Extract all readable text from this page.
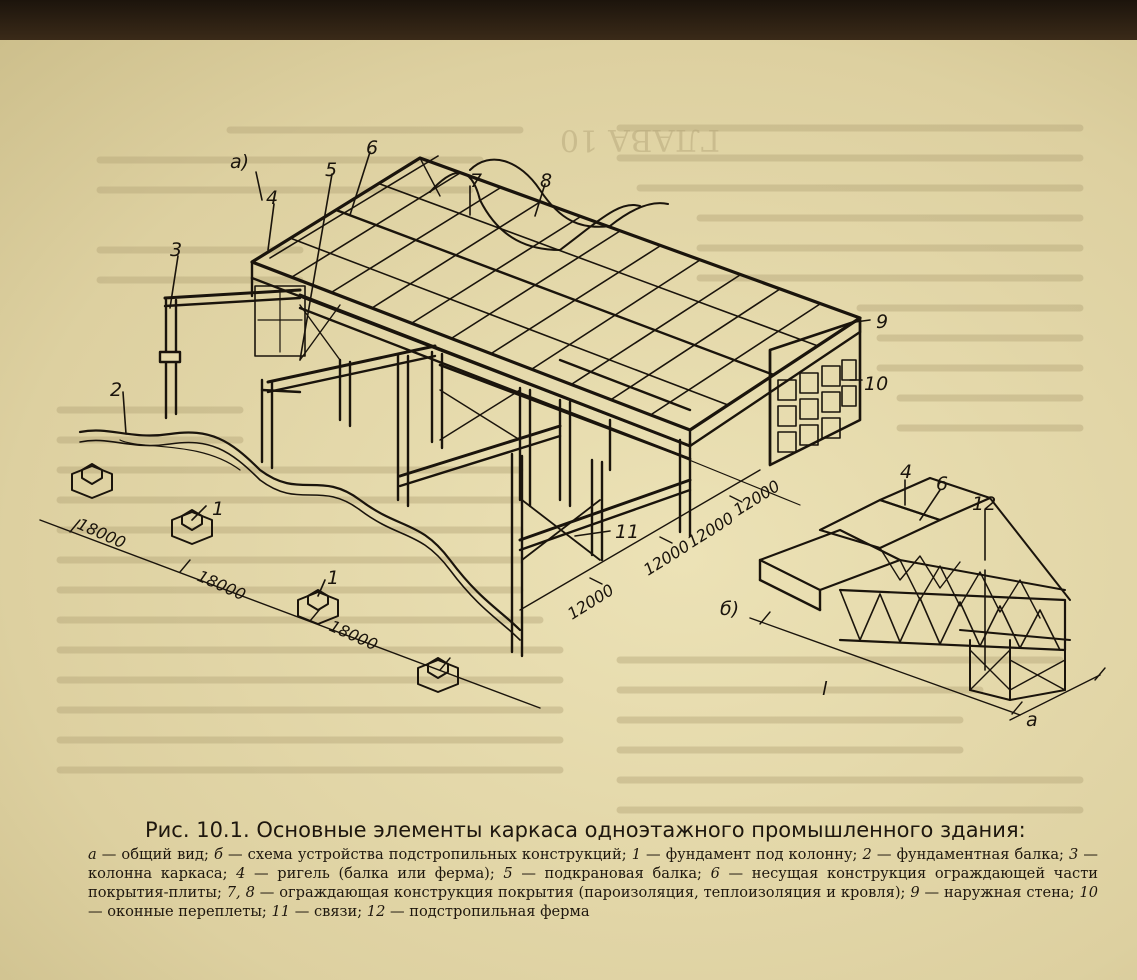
ГЛАВА 10
а)
б)
1
1
2
3
4
5
6
7	8
9
10
11
4
6
12
18000
18000
18000
12000
12000
12000
12000
l
a
Рис. 10.1. Основные элементы каркаса одноэтажного промышленного здания:
а — общий вид; б — схема устройства подстропильных конструкций; 1 — фундамент под колонну; 2 — фундаментная балка; 3 — колонна каркаса; 4 — ригель (балка или ферма); 5 — подкрановая балка; 6 — несущая конструкция ограждающей части покрытия-плиты; 7, 8 — ограждающая конструкция покрытия (пароизоляция, теплоизоляция и кровля); 9 — наружная стена; 10 — оконные переплеты; 11 — связи; 12 — подстропильная ферма
